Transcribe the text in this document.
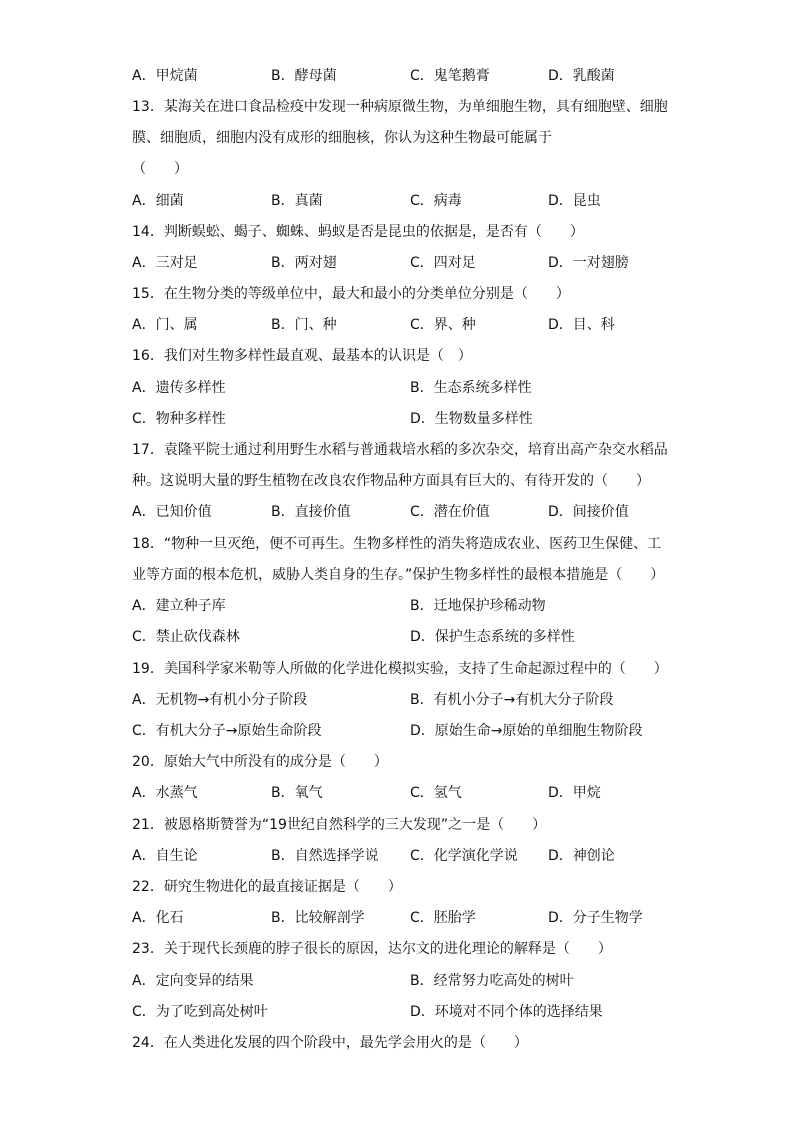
A．甲烷菌	B．酵母菌	C．鬼笔鹅膏	D．乳酸菌
13．某海关在进口食品检疫中发现一种病原微生物，为单细胞生物，具有细胞壁、细胞
膜、细胞质，细胞内没有成形的细胞核，你认为这种生物最可能属于
（　　）
A．细菌	B．真菌	C．病毒	D．昆虫
14．判断蜈蚣、蝎子、蜘蛛、蚂蚁是否是昆虫的依据是，是否有（　　）
A．三对足	B．两对翅	C．四对足	D．一对翅膀
15．在生物分类的等级单位中，最大和最小的分类单位分别是（　　）
A．门、属	B．门、种	C．界、种	D．目、科
16．我们对生物多样性最直观、最基本的认识是（　）
A．遗传多样性	B．生态系统多样性
C．物种多样性	D．生物数量多样性
17．袁隆平院士通过利用野生水稻与普通栽培水稻的多次杂交，培育出高产杂交水稻品
种。这说明大量的野生植物在改良农作物品种方面具有巨大的、有待开发的（　　）
A．已知价值	B．直接价值	C．潜在价值	D．间接价值
18．“物种一旦灭绝，便不可再生。生物多样性的消失将造成农业、医药卫生保健、工
业等方面的根本危机，威胁人类自身的生存。”保护生物多样性的最根本措施是（　　）
A．建立种子库	B．迁地保护珍稀动物
C．禁止砍伐森林	D．保护生态系统的多样性
19．美国科学家米勒等人所做的化学进化模拟实验，支持了生命起源过程中的（　　）
A．无机物→有机小分子阶段	B．有机小分子→有机大分子阶段
C．有机大分子→原始生命阶段	D．原始生命→原始的单细胞生物阶段
20．原始大气中所没有的成分是（　　）
A．水蒸气	B．氧气	C．氢气	D．甲烷
21．被恩格斯赞誉为“19世纪自然科学的三大发现”之一是（　　）
A．自生论	B．自然选择学说 C．化学演化学说 D．神创论
22．研究生物进化的最直接证据是（　　）
A．化石	B．比较解剖学	C．胚胎学	D．分子生物学
23．关于现代长颈鹿的脖子很长的原因，达尔文的进化理论的解释是（　　）
A．定向变异的结果	B．经常努力吃高处的树叶
C．为了吃到高处树叶	D．环境对不同个体的选择结果
24．在人类进化发展的四个阶段中，最先学会用火的是（　　）
